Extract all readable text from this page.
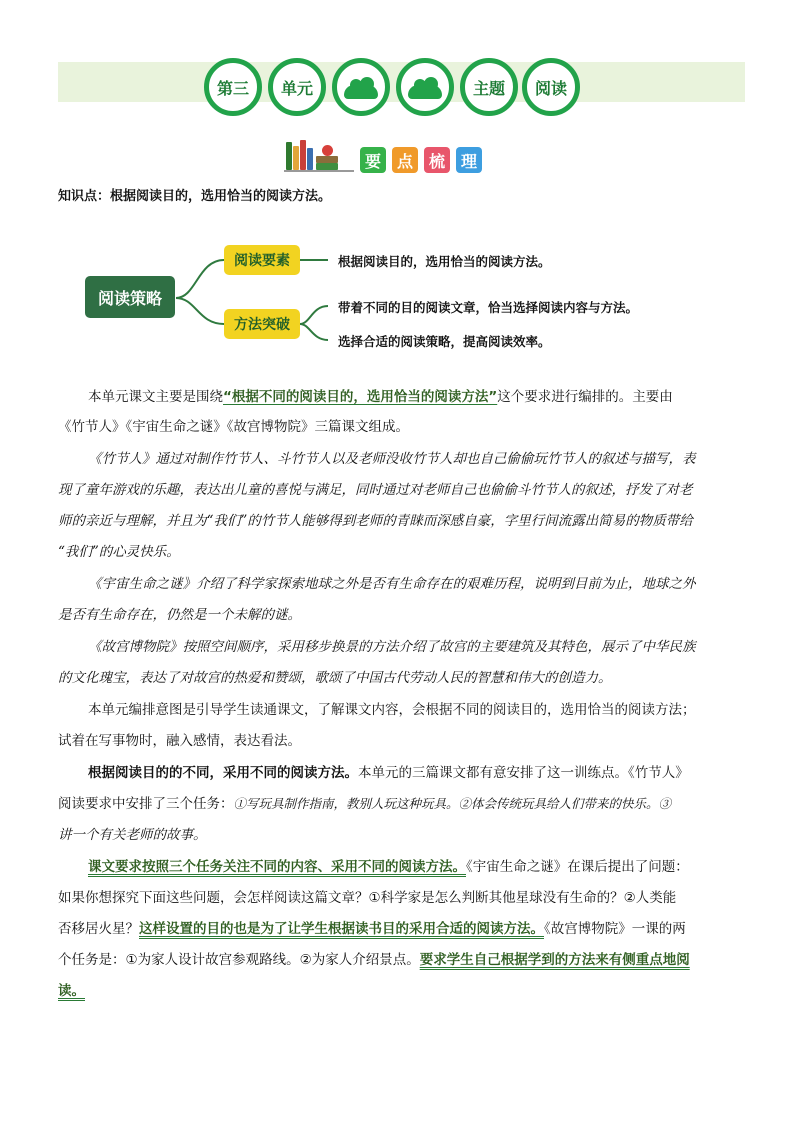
第三 单元	主题 阅读
要 点 梳 理

知识点：根据阅读目的，选用恰当的阅读方法。

阅读策略
阅读要素
方法突破
根据阅读目的，选用恰当的阅读方法。
带着不同的目的阅读文章，恰当选择阅读内容与方法。
选择合适的阅读策略，提高阅读效率。

本单元课文主要是围绕“根据不同的阅读目的，选用恰当的阅读方法”这个要求进行编排的。主要由

《竹节人》《宇宙生命之谜》《故宫博物院》三篇课文组成。

《竹节人》通过对制作竹节人、斗竹节人以及老师没收竹节人却也自己偷偷玩竹节人的叙述与描写，表

现了童年游戏的乐趣，表达出儿童的喜悦与满足，同时通过对老师自己也偷偷斗竹节人的叙述，抒发了对老

师的亲近与理解，并且为“我们”的竹节人能够得到老师的青睐而深感自豪，字里行间流露出简易的物质带给

“我们”的心灵快乐。

《宇宙生命之谜》介绍了科学家探索地球之外是否有生命存在的艰难历程，说明到目前为止，地球之外

是否有生命存在，仍然是一个未解的谜。

《故宫博物院》按照空间顺序，采用移步换景的方法介绍了故宫的主要建筑及其特色，展示了中华民族

的文化瑰宝，表达了对故宫的热爱和赞颂，歌颂了中国古代劳动人民的智慧和伟大的创造力。

本单元编排意图是引导学生读通课文，了解课文内容，会根据不同的阅读目的，选用恰当的阅读方法；

试着在写事物时，融入感情，表达看法。

根据阅读目的的不同，采用不同的阅读方法。本单元的三篇课文都有意安排了这一训练点。《竹节人》

阅读要求中安排了三个任务：①写玩具制作指南，教别人玩这种玩具。②体会传统玩具给人们带来的快乐。③

讲一个有关老师的故事。

课文要求按照三个任务关注不同的内容、采用不同的阅读方法。《宇宙生命之谜》在课后提出了问题：

如果你想探究下面这些问题，会怎样阅读这篇文章？①科学家是怎么判断其他星球没有生命的？②人类能

否移居火星？这样设置的目的也是为了让学生根据读书目的采用合适的阅读方法。《故宫博物院》一课的两

个任务是：①为家人设计故宫参观路线。②为家人介绍景点。要求学生自己根据学到的方法来有侧重点地阅

读。
